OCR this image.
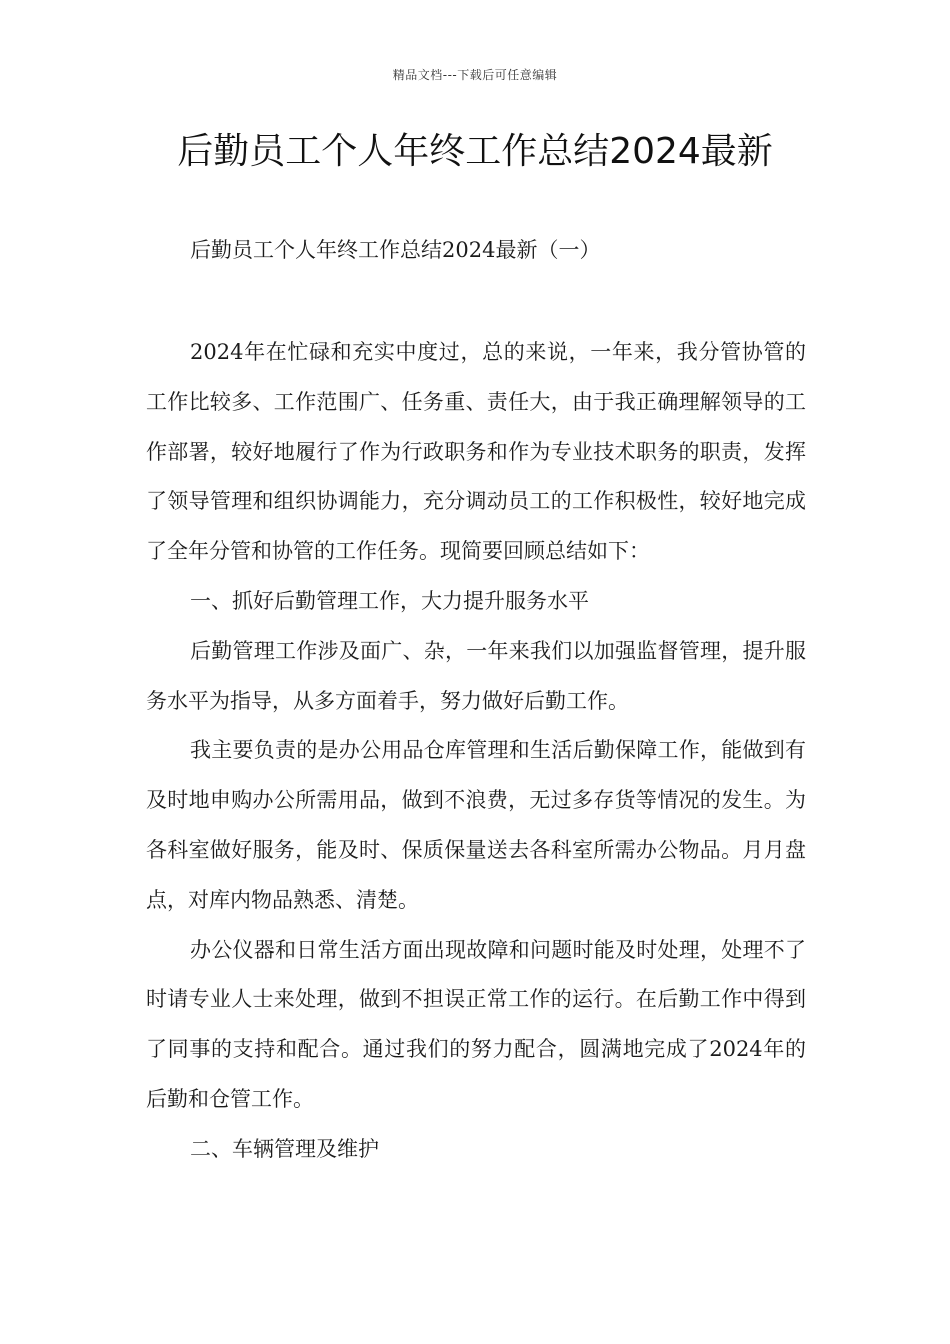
精品文档---下载后可任意编辑
后勤员工个人年终工作总结2024最新

后勤员工个人年终工作总结2024最新（一）

2024年在忙碌和充实中度过，总的来说，一年来，我分管协管的工作比较多、工作范围广、任务重、责任大，由于我正确理解领导的工作部署，较好地履行了作为行政职务和作为专业技术职务的职责，发挥了领导管理和组织协调能力，充分调动员工的工作积极性，较好地完成了全年分管和协管的工作任务。现简要回顾总结如下：

一、抓好后勤管理工作，大力提升服务水平

后勤管理工作涉及面广、杂，一年来我们以加强监督管理，提升服务水平为指导，从多方面着手，努力做好后勤工作。

我主要负责的是办公用品仓库管理和生活后勤保障工作，能做到有及时地申购办公所需用品，做到不浪费，无过多存货等情况的发生。为各科室做好服务，能及时、保质保量送去各科室所需办公物品。月月盘点，对库内物品熟悉、清楚。

办公仪器和日常生活方面出现故障和问题时能及时处理，处理不了时请专业人士来处理，做到不担误正常工作的运行。在后勤工作中得到了同事的支持和配合。通过我们的努力配合，圆满地完成了2024年的后勤和仓管工作。

二、车辆管理及维护
